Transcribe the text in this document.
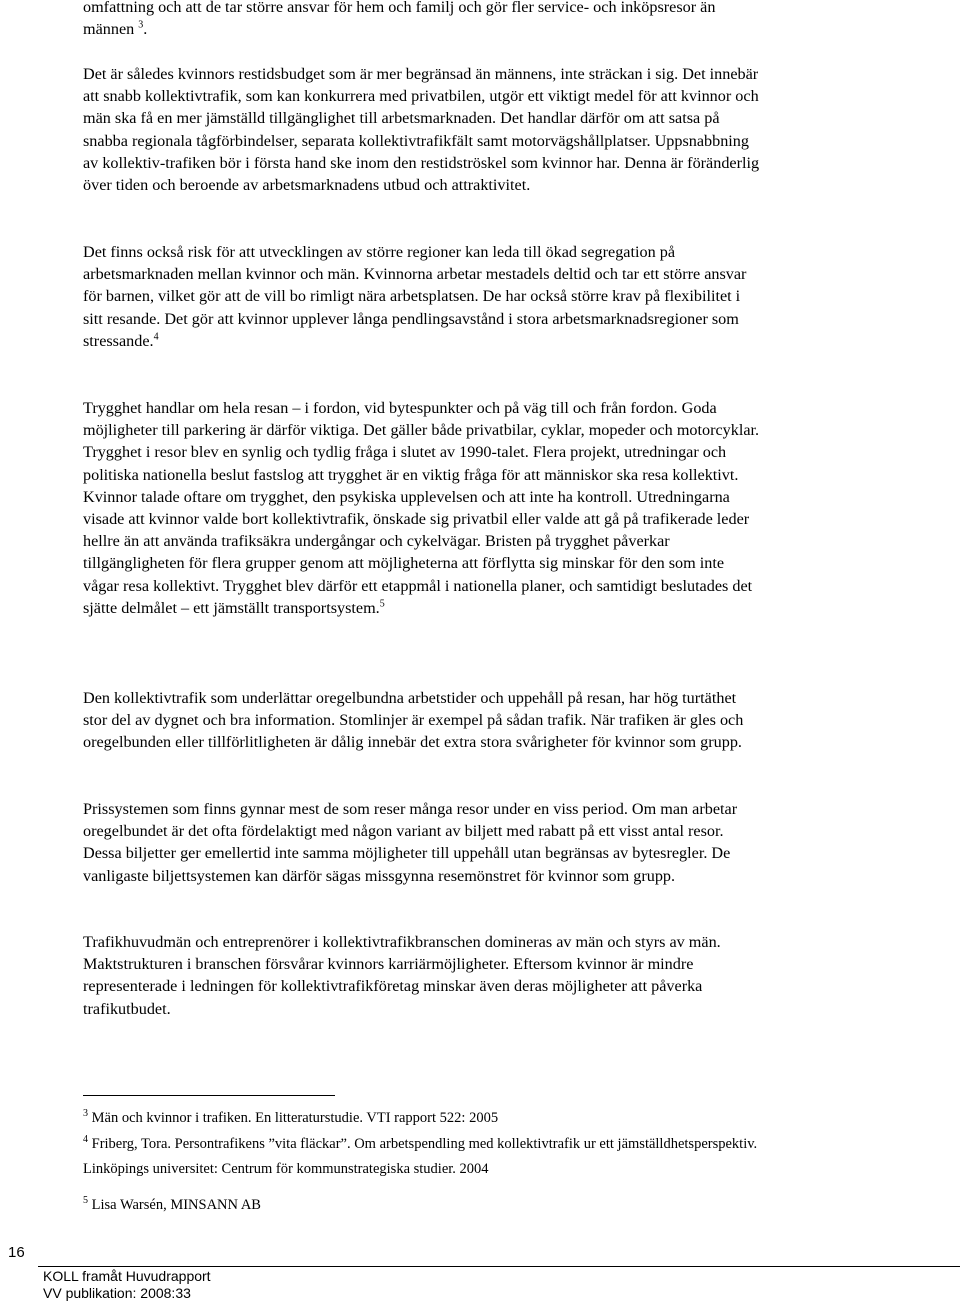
omfattning och att de tar större ansvar för hem och familj och gör fler service- och inköpsresor än männen $^3$.

Det är således kvinnors restidsbudget som är mer begränsad än männens, inte sträckan i sig. Det innebär att snabb kollektivtrafik, som kan konkurrera med privatbilen, utgör ett viktigt medel för att kvinnor och män ska få en mer jämställd tillgänglighet till arbetsmarknaden. Det handlar därför om att satsa på snabba regionala tågförbindelser, separata kollektivtrafikfält samt motorvägshållplatser. Uppsnabbning av kollektiv-trafiken bör i första hand ske inom den restidströskel som kvinnor har. Denna är föränderlig över tiden och beroende av arbetsmarknadens utbud och attraktivitet.

Det finns också risk för att utvecklingen av större regioner kan leda till ökad segregation på arbetsmarknaden mellan kvinnor och män. Kvinnorna arbetar mestadels deltid och tar ett större ansvar för barnen, vilket gör att de vill bo rimligt nära arbetsplatsen. De har också större krav på flexibilitet i sitt resande. Det gör att kvinnor upplever långa pendlingsavstånd i stora arbetsmarknadsregioner som stressande.$^4$

Trygghet handlar om hela resan – i fordon, vid bytespunkter och på väg till och från fordon. Goda möjligheter till parkering är därför viktiga. Det gäller både privatbilar, cyklar, mopeder och motorcyklar. Trygghet i resor blev en synlig och tydlig fråga i slutet av 1990-talet. Flera projekt, utredningar och politiska nationella beslut fastslog att trygghet är en viktig fråga för att människor ska resa kollektivt. Kvinnor talade oftare om trygghet, den psykiska upplevelsen och att inte ha kontroll. Utredningarna visade att kvinnor valde bort kollektivtrafik, önskade sig privatbil eller valde att gå på trafikerade leder hellre än att använda trafiksäkra undergångar och cykelvägar. Bristen på trygghet påverkar tillgängligheten för flera grupper genom att möjligheterna att förflytta sig minskar för den som inte vågar resa kollektivt. Trygghet blev därför ett etappmål i nationella planer, och samtidigt beslutades det sjätte delmålet – ett jämställt transportsystem.$^5$

Den kollektivtrafik som underlättar oregelbundna arbetstider och uppehåll på resan, har hög turtäthet stor del av dygnet och bra information. Stomlinjer är exempel på sådan trafik. När trafiken är gles och oregelbunden eller tillförlitligheten är dålig innebär det extra stora svårigheter för kvinnor som grupp.

Prissystemen som finns gynnar mest de som reser många resor under en viss period. Om man arbetar oregelbundet är det ofta fördelaktigt med någon variant av biljett med rabatt på ett visst antal resor. Dessa biljetter ger emellertid inte samma möjligheter till uppehåll utan begränsas av bytesregler. De vanligaste biljettsystemen kan därför sägas missgynna resemönstret för kvinnor som grupp.

Trafikhuvudmän och entreprenörer i kollektivtrafikbranschen domineras av män och styrs av män. Maktstrukturen i branschen försvårar kvinnors karriärmöjligheter. Eftersom kvinnor är mindre representerade i ledningen för kollektivtrafikföretag minskar även deras möjligheter att påverka trafikutbudet.

$^3$ Män och kvinnor i trafiken. En litteraturstudie. VTI rapport 522: 2005

$^4$ Friberg, Tora. Persontrafikens ”vita fläckar”. Om arbetspendling med kollektivtrafik ur ett jämställdhetsperspektiv. Linköpings universitet: Centrum för kommunstrategiska studier. 2004

$^5$ Lisa Warsén, MINSANN AB

16
KOLL framåt Huvudrapport
VV publikation: 2008:33
